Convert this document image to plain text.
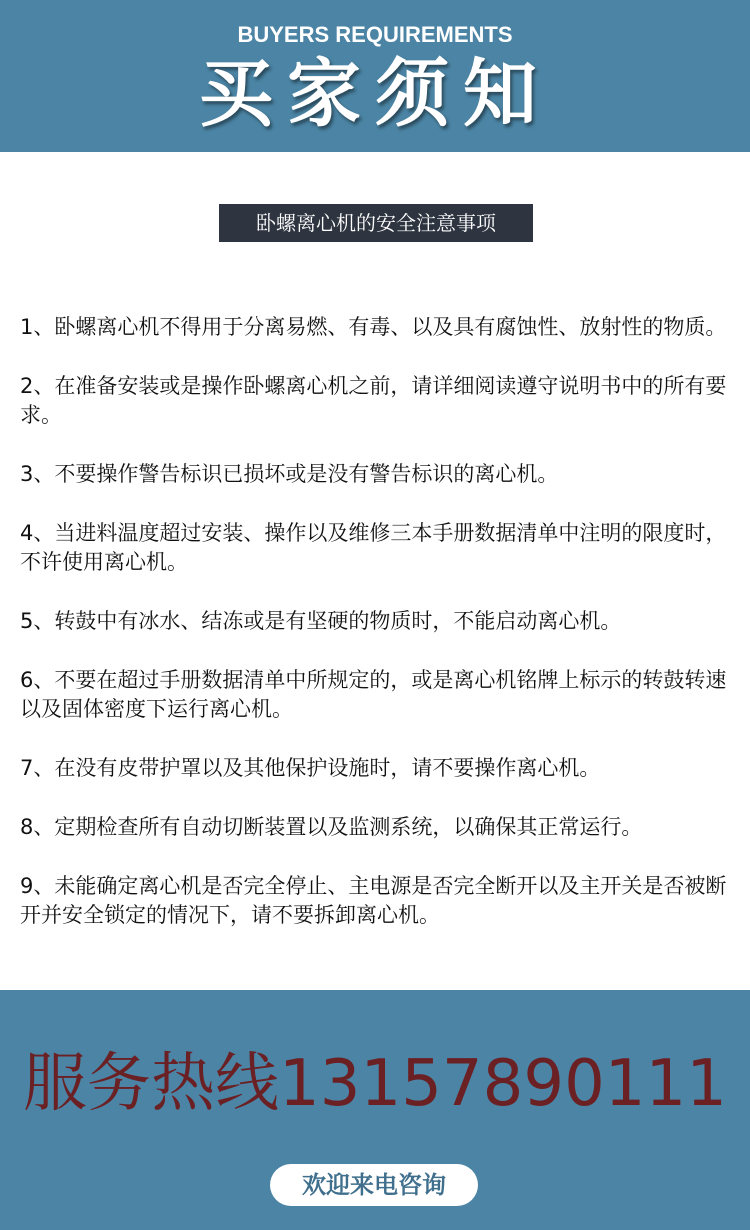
BUYERS REQUIREMENTS
买家须知
卧螺离心机的安全注意事项

1、卧螺离心机不得用于分离易燃、有毒、以及具有腐蚀性、放射性的物质。

2、在准备安装或是操作卧螺离心机之前，请详细阅读遵守说明书中的所有要求。

3、不要操作警告标识已损坏或是没有警告标识的离心机。

4、当进料温度超过安装、操作以及维修三本手册数据清单中注明的限度时，不许使用离心机。

5、转鼓中有冰水、结冻或是有坚硬的物质时，不能启动离心机。

6、不要在超过手册数据清单中所规定的，或是离心机铭牌上标示的转鼓转速以及固体密度下运行离心机。

7、在没有皮带护罩以及其他保护设施时，请不要操作离心机。

8、定期检查所有自动切断装置以及监测系统，以确保其正常运行。

9、未能确定离心机是否完全停止、主电源是否完全断开以及主开关是否被断开并安全锁定的情况下，请不要拆卸离心机。

服务热线13157890111
欢迎来电咨询
